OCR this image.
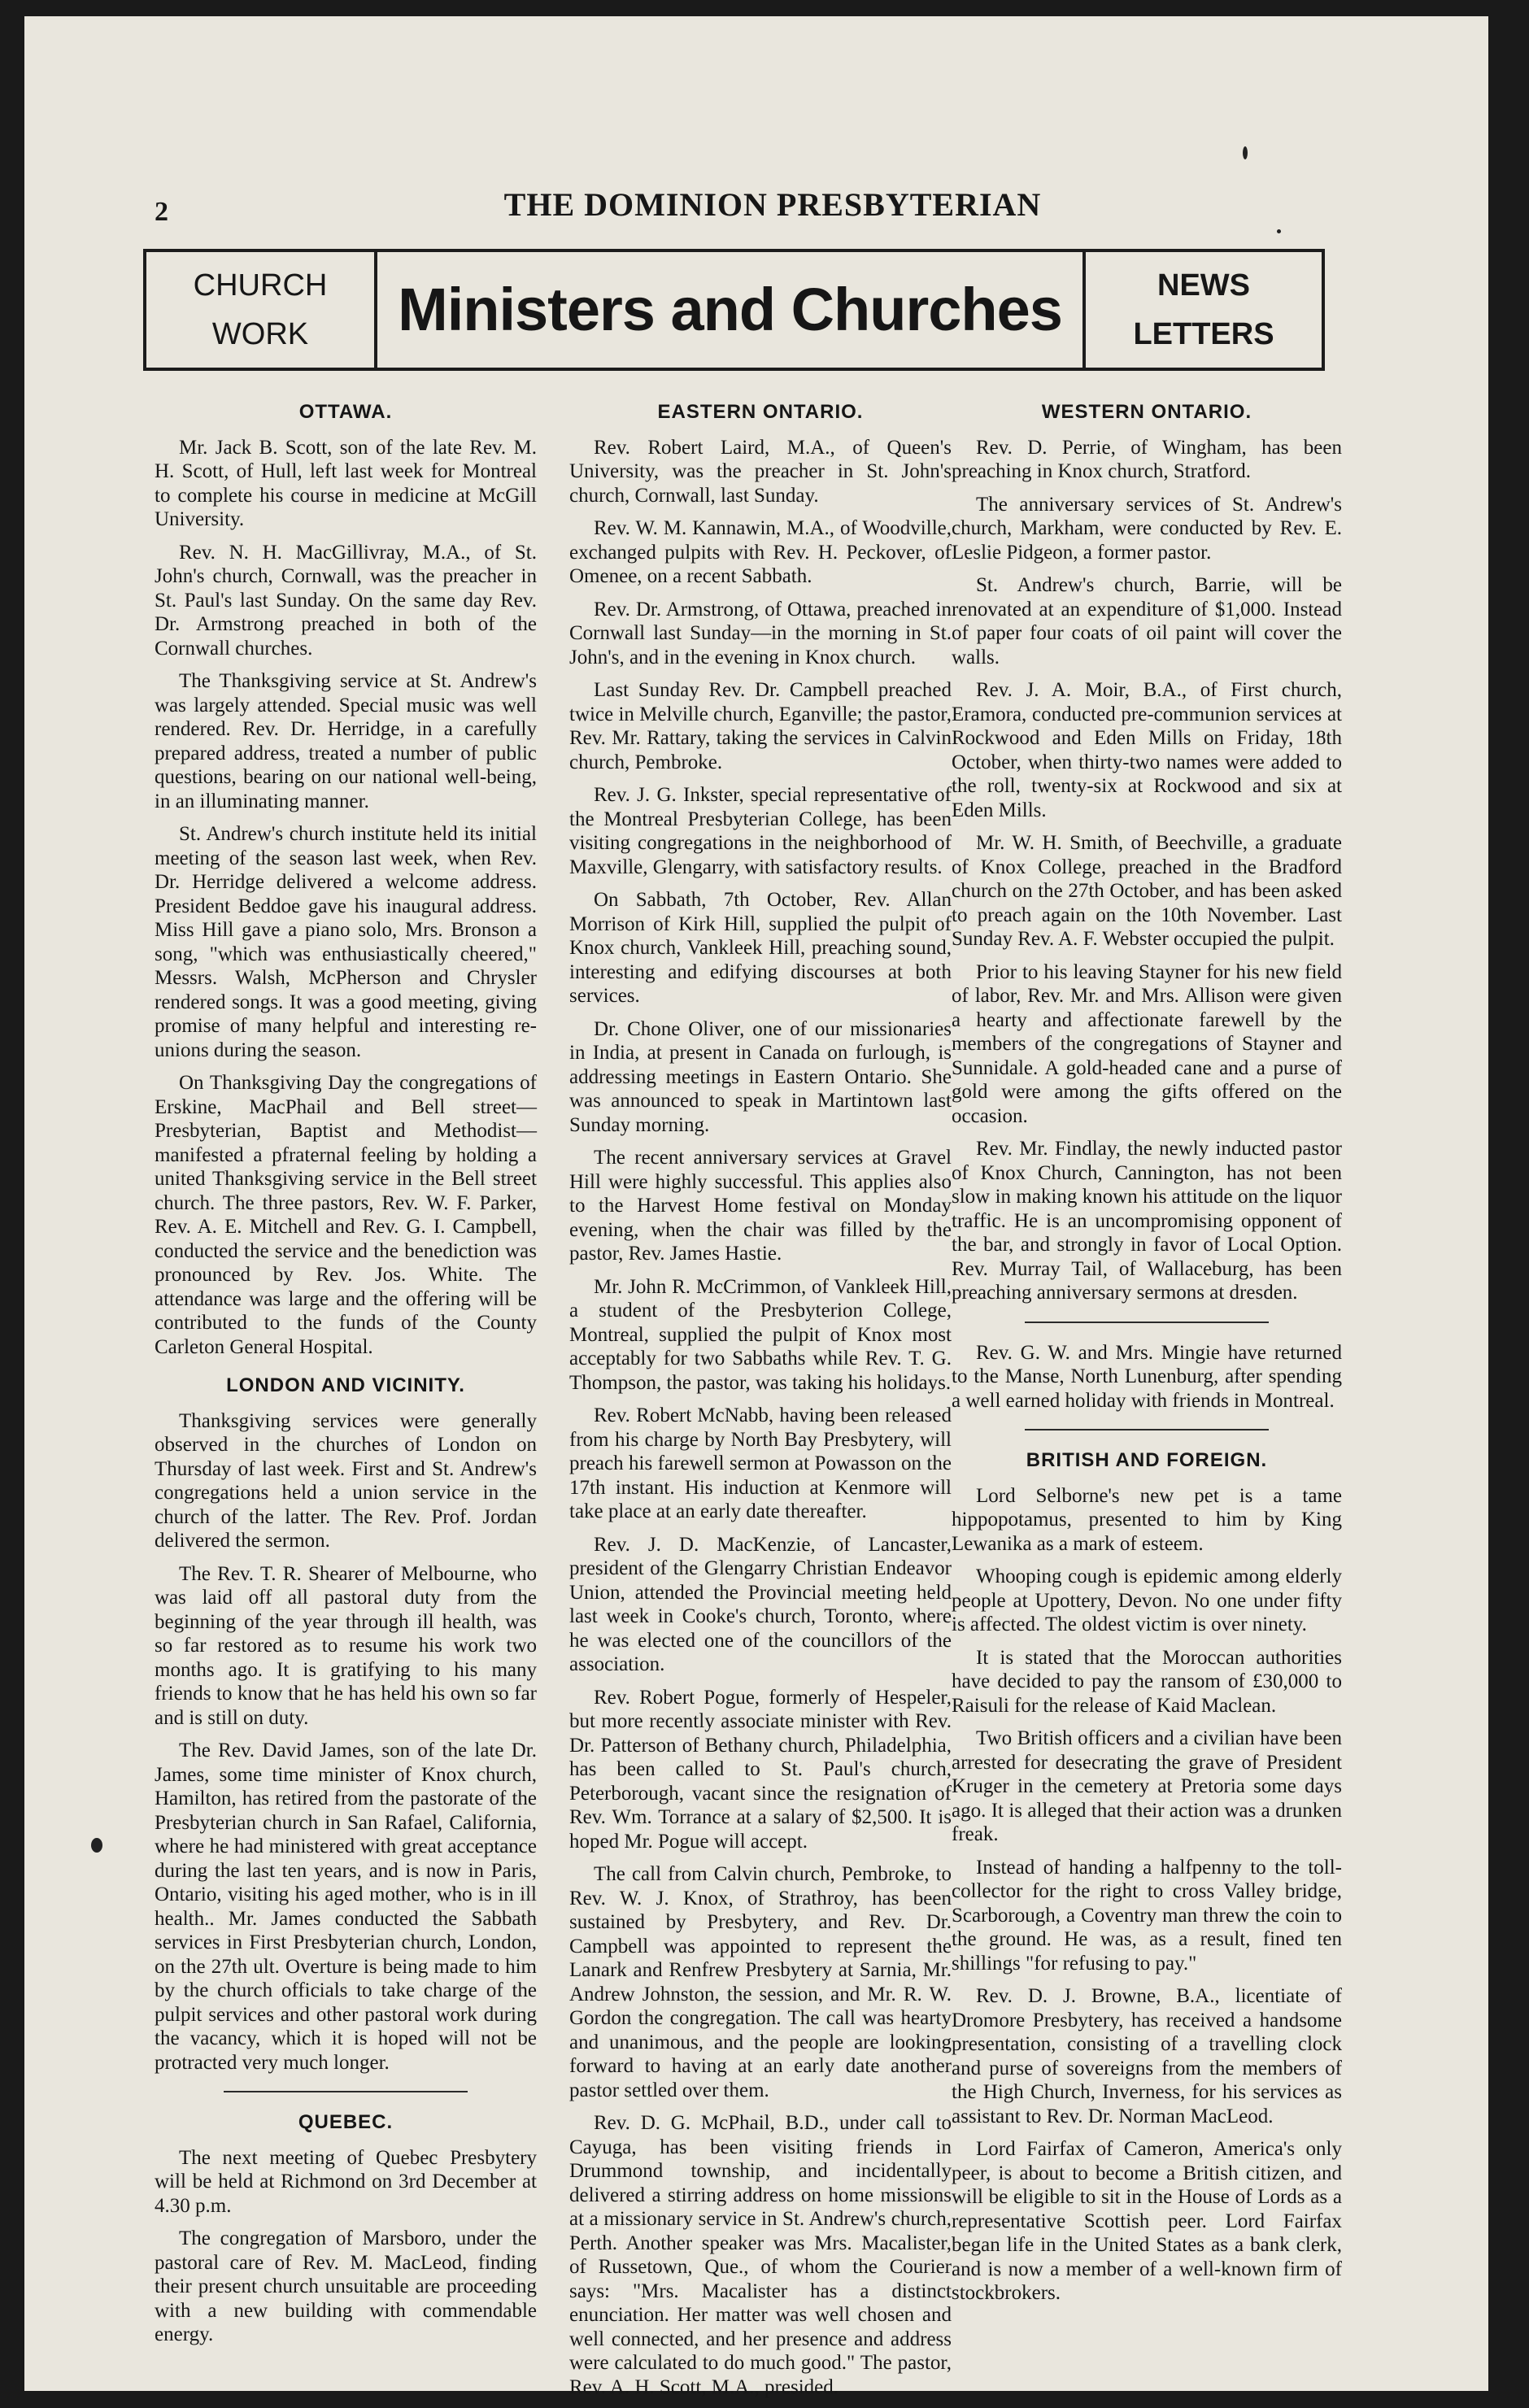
2	THE DOMINION PRESBYTERIAN
CHURCH
WORK	Ministers and Churches	NEWS
LETTERS
OTTAWA.

Mr. Jack B. Scott, son of the late Rev. M. H. Scott, of Hull, left last week for Montreal to complete his course in medicine at McGill University.

Rev. N. H. MacGillivray, M.A., of St. John's church, Cornwall, was the preacher in St. Paul's last Sunday. On the same day Rev. Dr. Armstrong preached in both of the Cornwall churches.

The Thanksgiving service at St. Andrew's was largely attended. Special music was well rendered. Rev. Dr. Herridge, in a carefully prepared address, treated a number of public questions, bearing on our national well-being, in an illuminating manner.

St. Andrew's church institute held its initial meeting of the season last week, when Rev. Dr. Herridge delivered a welcome address. President Beddoe gave his inaugural address. Miss Hill gave a piano solo, Mrs. Bronson a song, "which was enthusiastically cheered," Messrs. Walsh, McPherson and Chrysler rendered songs. It was a good meeting, giving promise of many helpful and interesting re-unions during the season.

On Thanksgiving Day the congregations of Erskine, MacPhail and Bell street—Presbyterian, Baptist and Methodist—manifested a pfraternal feeling by holding a united Thanksgiving service in the Bell street church. The three pastors, Rev. W. F. Parker, Rev. A. E. Mitchell and Rev. G. I. Campbell, conducted the service and the benediction was pronounced by Rev. Jos. White. The attendance was large and the offering will be contributed to the funds of the County Carleton General Hospital.

LONDON AND VICINITY.

Thanksgiving services were generally observed in the churches of London on Thursday of last week. First and St. Andrew's congregations held a union service in the church of the latter. The Rev. Prof. Jordan delivered the sermon.

The Rev. T. R. Shearer of Melbourne, who was laid off all pastoral duty from the beginning of the year through ill health, was so far restored as to resume his work two months ago. It is gratifying to his many friends to know that he has held his own so far and is still on duty.

The Rev. David James, son of the late Dr. James, some time minister of Knox church, Hamilton, has retired from the pastorate of the Presbyterian church in San Rafael, California, where he had ministered with great acceptance during the last ten years, and is now in Paris, Ontario, visiting his aged mother, who is in ill health.. Mr. James conducted the Sabbath services in First Presbyterian church, London, on the 27th ult. Overture is being made to him by the church officials to take charge of the pulpit services and other pastoral work during the vacancy, which it is hoped will not be protracted very much longer.

QUEBEC.

The next meeting of Quebec Presbytery will be held at Richmond on 3rd December at 4.30 p.m.

The congregation of Marsboro, under the pastoral care of Rev. M. MacLeod, finding their present church unsuitable are proceeding with a new building with commendable energy.

EASTERN ONTARIO.

Rev. Robert Laird, M.A., of Queen's University, was the preacher in St. John's church, Cornwall, last Sunday.

Rev. W. M. Kannawin, M.A., of Woodville, exchanged pulpits with Rev. H. Peckover, of Omenee, on a recent Sabbath.

Rev. Dr. Armstrong, of Ottawa, preached in Cornwall last Sunday—in the morning in St. John's, and in the evening in Knox church.

Last Sunday Rev. Dr. Campbell preached twice in Melville church, Eganville; the pastor, Rev. Mr. Rattary, taking the services in Calvin church, Pembroke.

Rev. J. G. Inkster, special representative of the Montreal Presbyterian College, has been visiting congregations in the neighborhood of Maxville, Glengarry, with satisfactory results.

On Sabbath, 7th October, Rev. Allan Morrison of Kirk Hill, supplied the pulpit of Knox church, Vankleek Hill, preaching sound, interesting and edifying discourses at both services.

Dr. Chone Oliver, one of our missionaries in India, at present in Canada on furlough, is addressing meetings in Eastern Ontario. She was announced to speak in Martintown last Sunday morning.

The recent anniversary services at Gravel Hill were highly successful. This applies also to the Harvest Home festival on Monday evening, when the chair was filled by the pastor, Rev. James Hastie.

Mr. John R. McCrimmon, of Vankleek Hill, a student of the Presbyterion College, Montreal, supplied the pulpit of Knox most acceptably for two Sabbaths while Rev. T. G. Thompson, the pastor, was taking his holidays.

Rev. Robert McNabb, having been released from his charge by North Bay Presbytery, will preach his farewell sermon at Powasson on the 17th instant. His induction at Kenmore will take place at an early date thereafter.

Rev. J. D. MacKenzie, of Lancaster, president of the Glengarry Christian Endeavor Union, attended the Provincial meeting held last week in Cooke's church, Toronto, where he was elected one of the councillors of the association.

Rev. Robert Pogue, formerly of Hespeler, but more recently associate minister with Rev. Dr. Patterson of Bethany church, Philadelphia, has been called to St. Paul's church, Peterborough, vacant since the resignation of Rev. Wm. Torrance at a salary of $2,500. It is hoped Mr. Pogue will accept.

The call from Calvin church, Pembroke, to Rev. W. J. Knox, of Strathroy, has been sustained by Presbytery, and Rev. Dr. Campbell was appointed to represent the Lanark and Renfrew Presbytery at Sarnia, Mr. Andrew Johnston, the session, and Mr. R. W. Gordon the congregation. The call was hearty and unanimous, and the people are looking forward to having at an early date another pastor settled over them.

Rev. D. G. McPhail, B.D., under call to Cayuga, has been visiting friends in Drummond township, and incidentally delivered a stirring address on home missions at a missionary service in St. Andrew's church, Perth. Another speaker was Mrs. Macalister, of Russetown, Que., of whom the Courier says: "Mrs. Macalister has a distinct enunciation. Her matter was well chosen and well connected, and her presence and address were calculated to do much good." The pastor, Rev. A. H. Scott, M.A., presided.

WESTERN ONTARIO.

Rev. D. Perrie, of Wingham, has been preaching in Knox church, Stratford.

The anniversary services of St. Andrew's church, Markham, were conducted by Rev. E. Leslie Pidgeon, a former pastor.

St. Andrew's church, Barrie, will be renovated at an expenditure of $1,000. Instead of paper four coats of oil paint will cover the walls.

Rev. J. A. Moir, B.A., of First church, Eramora, conducted pre-communion services at Rockwood and Eden Mills on Friday, 18th October, when thirty-two names were added to the roll, twenty-six at Rockwood and six at Eden Mills.

Mr. W. H. Smith, of Beechville, a graduate of Knox College, preached in the Bradford church on the 27th October, and has been asked to preach again on the 10th November. Last Sunday Rev. A. F. Webster occupied the pulpit.

Prior to his leaving Stayner for his new field of labor, Rev. Mr. and Mrs. Allison were given a hearty and affectionate farewell by the members of the congregations of Stayner and Sunnidale. A gold-headed cane and a purse of gold were among the gifts offered on the occasion.

Rev. Mr. Findlay, the newly inducted pastor of Knox Church, Cannington, has not been slow in making known his attitude on the liquor traffic. He is an uncompromising opponent of the bar, and strongly in favor of Local Option. Rev. Murray Tail, of Wallaceburg, has been preaching anniversary sermons at dresden.

Rev. G. W. and Mrs. Mingie have returned to the Manse, North Lunenburg, after spending a well earned holiday with friends in Montreal.

BRITISH AND FOREIGN.

Lord Selborne's new pet is a tame hippopotamus, presented to him by King Lewanika as a mark of esteem.

Whooping cough is epidemic among elderly people at Upottery, Devon. No one under fifty is affected. The oldest victim is over ninety.

It is stated that the Moroccan authorities have decided to pay the ransom of £30,000 to Raisuli for the release of Kaid Maclean.

Two British officers and a civilian have been arrested for desecrating the grave of President Kruger in the cemetery at Pretoria some days ago. It is alleged that their action was a drunken freak.

Instead of handing a halfpenny to the toll-collector for the right to cross Valley bridge, Scarborough, a Coventry man threw the coin to the ground. He was, as a result, fined ten shillings "for refusing to pay."

Rev. D. J. Browne, B.A., licentiate of Dromore Presbytery, has received a handsome presentation, consisting of a travelling clock and purse of sovereigns from the members of the High Church, Inverness, for his services as assistant to Rev. Dr. Norman MacLeod.

Lord Fairfax of Cameron, America's only peer, is about to become a British citizen, and will be eligible to sit in the House of Lords as a representative Scottish peer. Lord Fairfax began life in the United States as a bank clerk, and is now a member of a well-known firm of stockbrokers.
